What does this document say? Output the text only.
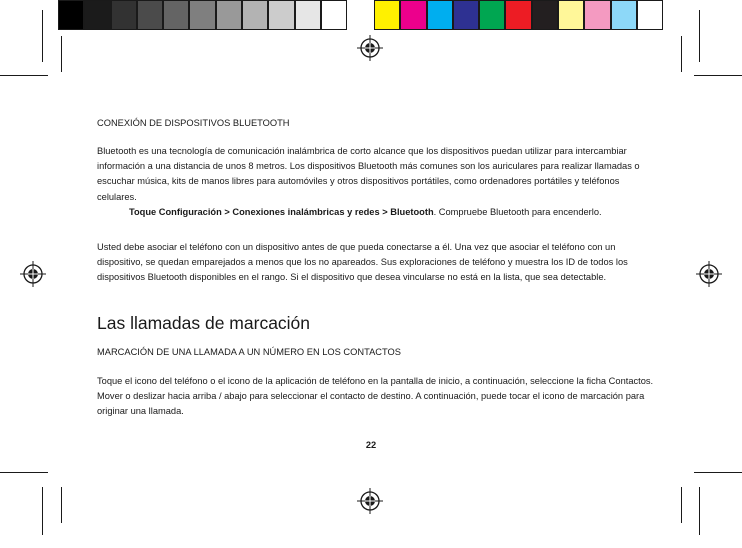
CONEXIÓN DE DISPOSITIVOS BLUETOOTH

Bluetooth es una tecnología de comunicación inalámbrica de corto alcance que los dispositivos puedan utilizar para intercambiar información a una distancia de unos 8 metros. Los dispositivos Bluetooth más comunes son los auriculares para realizar llamadas o escuchar música, kits de manos libres para automóviles y otros dispositivos portátiles, como ordenadores portátiles y teléfonos celulares.

Toque Configuración > Conexiones inalámbricas y redes > Bluetooth. Compruebe Bluetooth para encenderlo.

Usted debe asociar el teléfono con un dispositivo antes de que pueda conectarse a él. Una vez que asociar el teléfono con un dispositivo, se quedan emparejados a menos que los no apareados. Sus exploraciones de teléfono y muestra los ID de todos los dispositivos Bluetooth disponibles en el rango. Si el dispositivo que desea vincularse no está en la lista, que sea detectable.
Las llamadas de marcación
MARCACIÓN DE UNA LLAMADA A UN NÚMERO EN LOS CONTACTOS
Toque el icono del teléfono o el icono de la aplicación de teléfono en la pantalla de inicio, a continuación, seleccione la ficha Contactos. Mover o deslizar hacia arriba / abajo para seleccionar el contacto de destino. A continuación, puede tocar el icono de marcación para originar una llamada.
22
